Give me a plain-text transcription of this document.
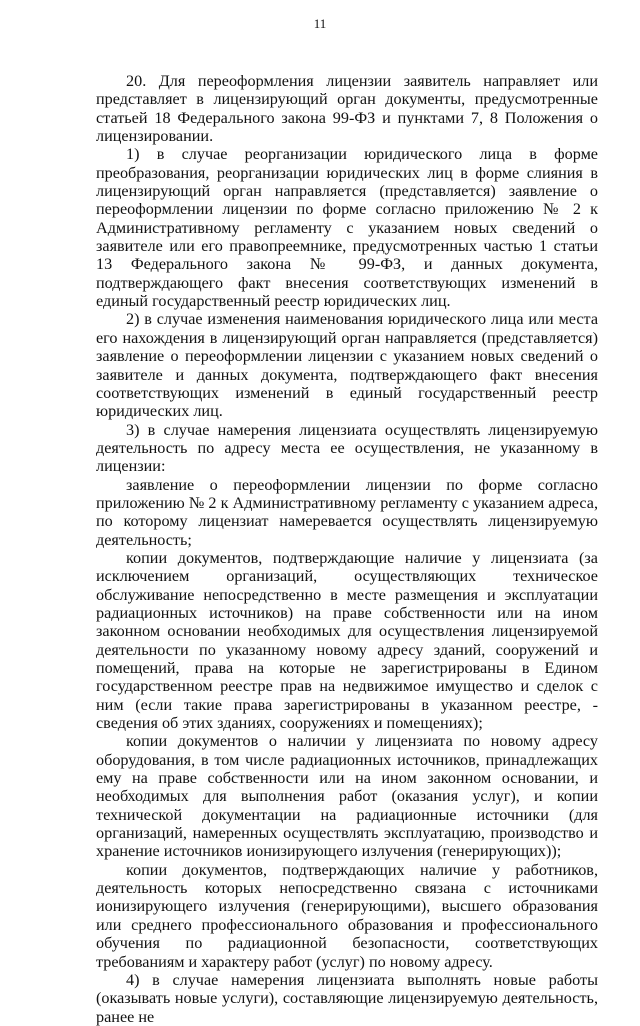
11

20. Для переоформления лицензии заявитель направляет или представляет в лицензирующий орган документы, предусмотренные статьей 18 Федерального закона 99-ФЗ и пунктами 7, 8 Положения о лицензировании.

1) в случае реорганизации юридического лица в форме преобразования, реорганизации юридических лиц в форме слияния в лицензирующий орган направляется (представляется) заявление о переоформлении лицензии по форме согласно приложению № 2 к Административному регламенту с указанием новых сведений о заявителе или его правопреемнике, предусмотренных частью 1 статьи 13 Федерального закона № 99-ФЗ, и данных документа, подтверждающего факт внесения соответствующих изменений в единый государственный реестр юридических лиц.

2) в случае изменения наименования юридического лица или места его нахождения в лицензирующий орган направляется (представляется) заявление о переоформлении лицензии с указанием новых сведений о заявителе и данных документа, подтверждающего факт внесения соответствующих изменений в единый государственный реестр юридических лиц.

3) в случае намерения лицензиата осуществлять лицензируемую деятельность по адресу места ее осуществления, не указанному в лицензии:

заявление о переоформлении лицензии по форме согласно приложению № 2 к Административному регламенту с указанием адреса, по которому лицензиат намеревается осуществлять лицензируемую деятельность;

копии документов, подтверждающие наличие у лицензиата (за исключением организаций, осуществляющих техническое обслуживание непосредственно в месте размещения и эксплуатации радиационных источников) на праве собственности или на ином законном основании необходимых для осуществления лицензируемой деятельности по указанному новому адресу зданий, сооружений и помещений, права на которые не зарегистрированы в Едином государственном реестре прав на недвижимое имущество и сделок с ним (если такие права зарегистрированы в указанном реестре, - сведения об этих зданиях, сооружениях и помещениях);

копии документов о наличии у лицензиата по новому адресу оборудования, в том числе радиационных источников, принадлежащих ему на праве собственности или на ином законном основании, и необходимых для выполнения работ (оказания услуг), и копии технической документации на радиационные источники (для организаций, намеренных осуществлять эксплуатацию, производство и хранение источников ионизирующего излучения (генерирующих));

копии документов, подтверждающих наличие у работников, деятельность которых непосредственно связана с источниками ионизирующего излучения (генерирующими), высшего образования или среднего профессионального образования и профессионального обучения по радиационной безопасности, соответствующих требованиям и характеру работ (услуг) по новому адресу.

4) в случае намерения лицензиата выполнять новые работы (оказывать новые услуги), составляющие лицензируемую деятельность, ранее не
